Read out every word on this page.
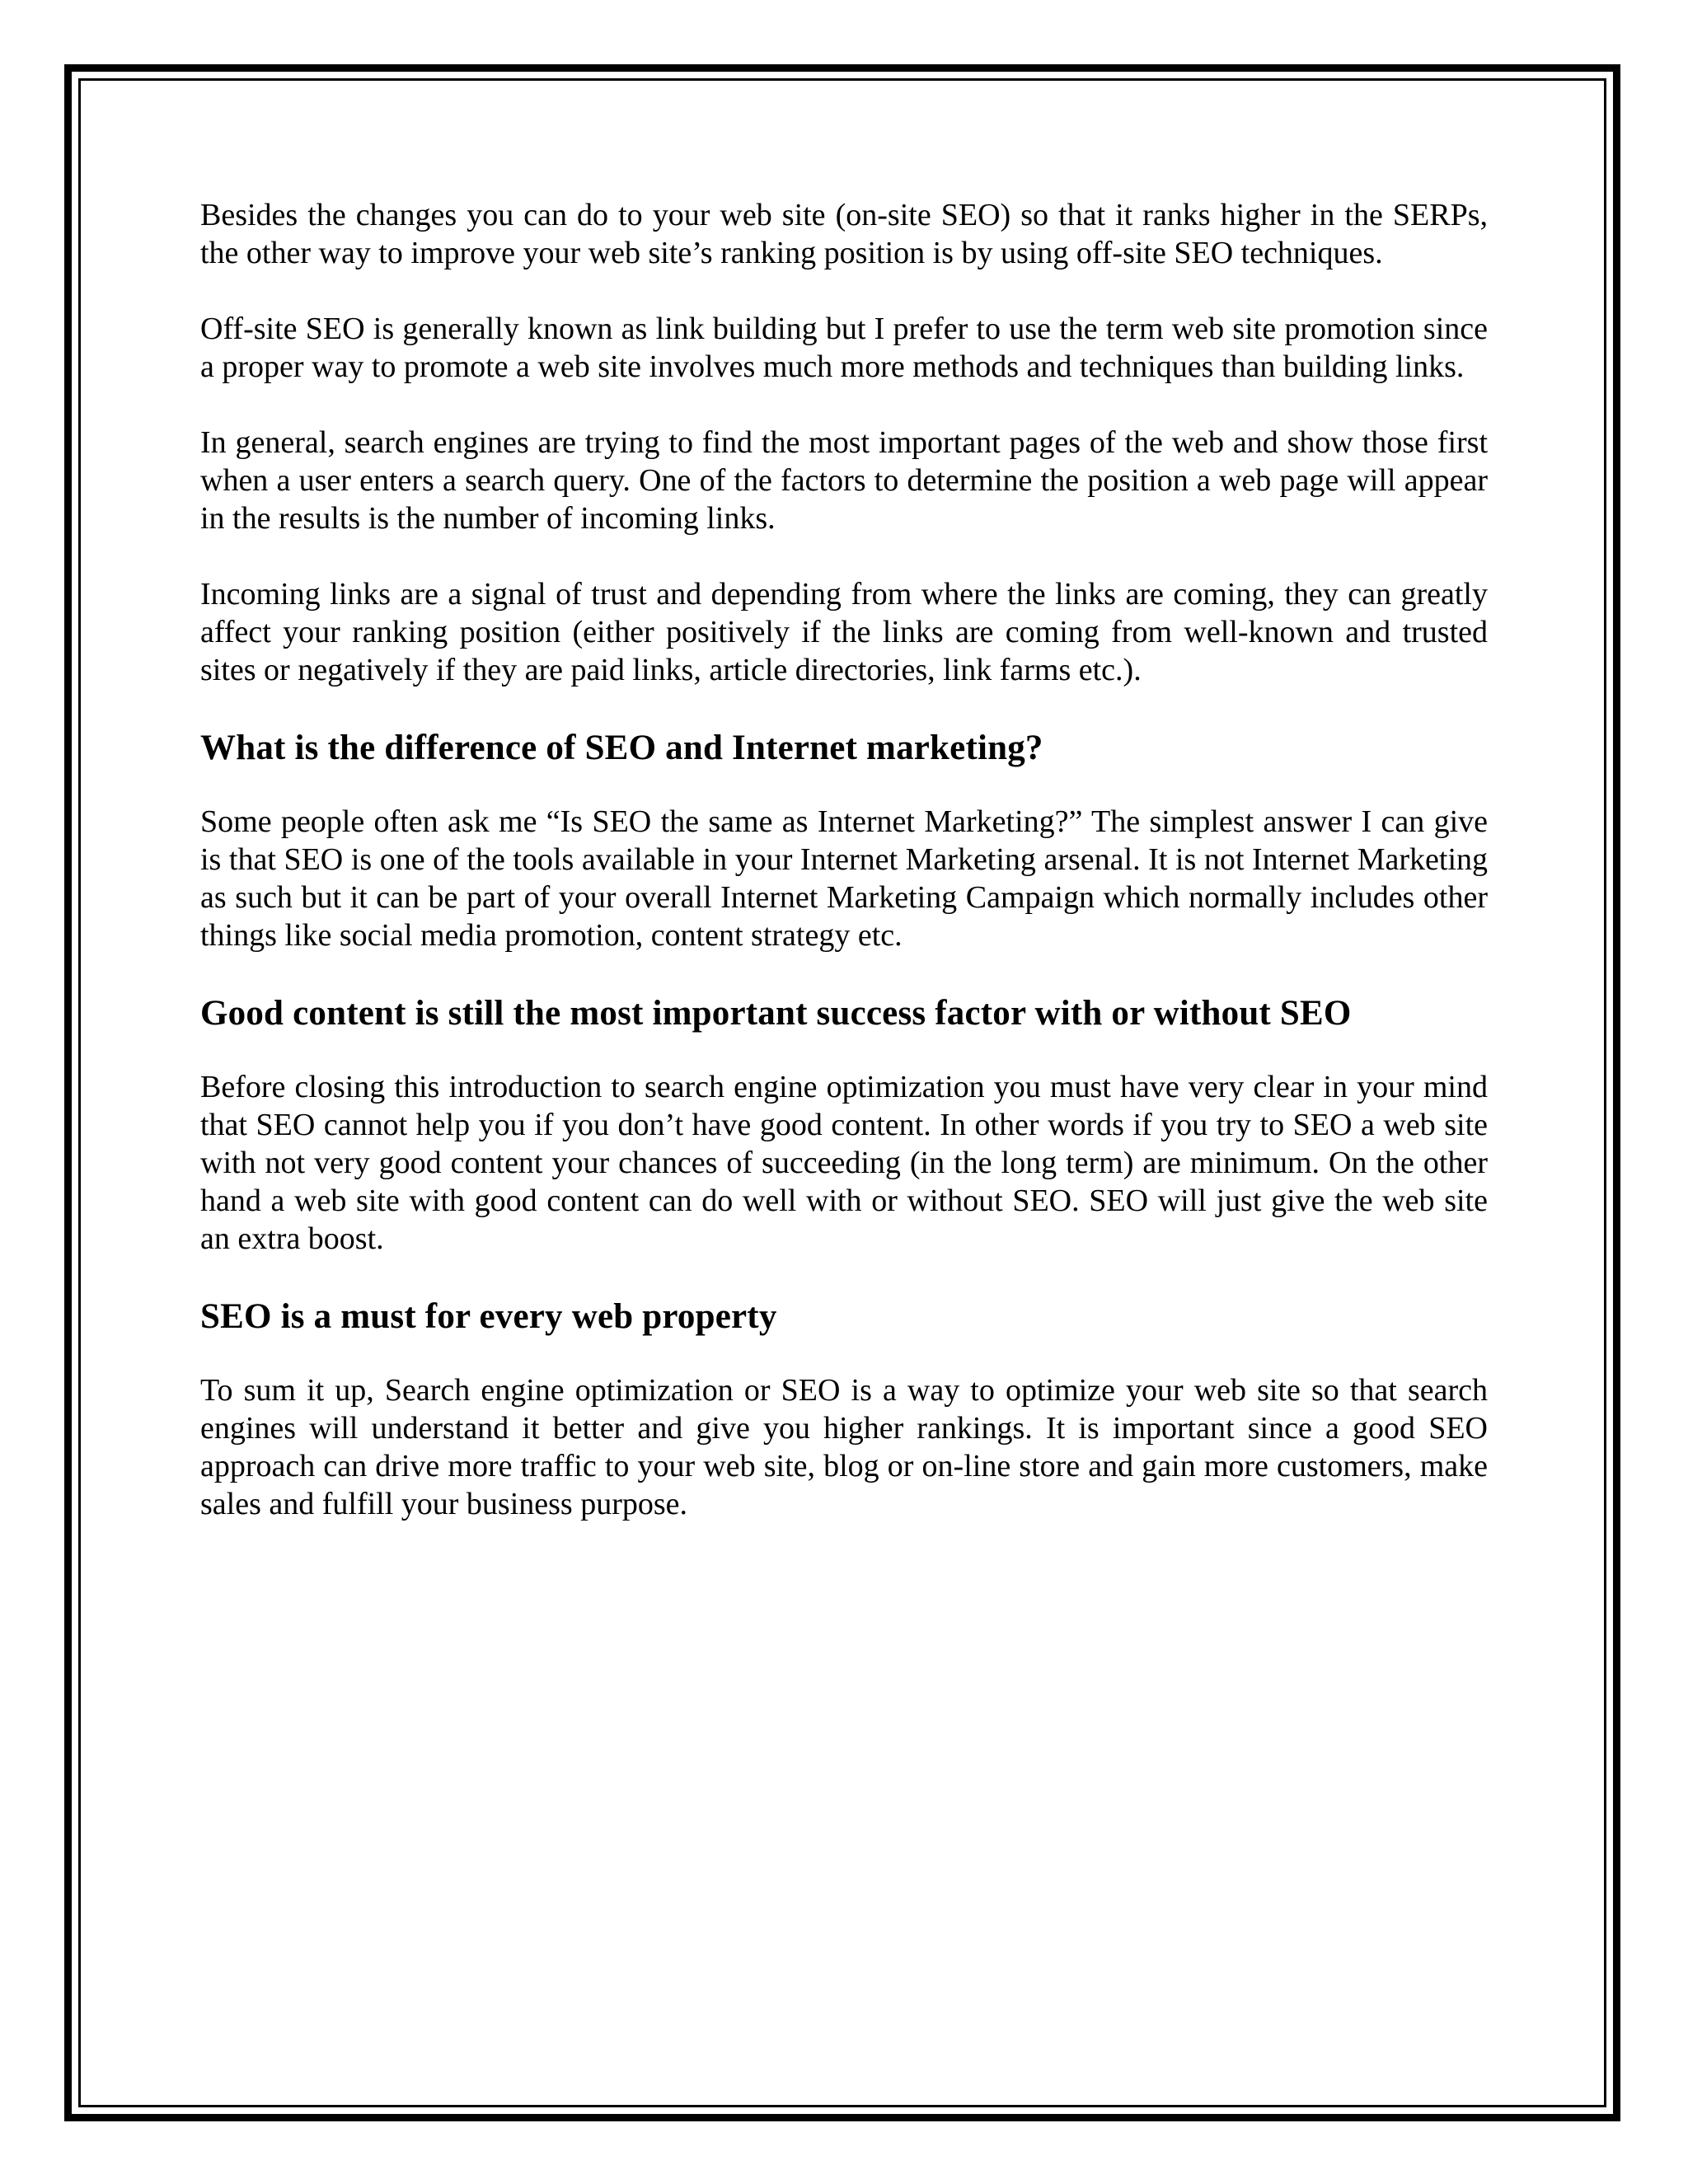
Besides the changes you can do to your web site (on-site SEO) so that it ranks higher in the SERPs, the other way to improve your web site’s ranking position is by using off-site SEO techniques.

Off-site SEO is generally known as link building but I prefer to use the term web site promotion since a proper way to promote a web site involves much more methods and techniques than building links.

In general, search engines are trying to find the most important pages of the web and show those first when a user enters a search query. One of the factors to determine the position a web page will appear in the results is the number of incoming links.

Incoming links are a signal of trust and depending from where the links are coming, they can greatly affect your ranking position (either positively if the links are coming from well-known and trusted sites or negatively if they are paid links, article directories, link farms etc.).

What is the difference of SEO and Internet marketing?

Some people often ask me “Is SEO the same as Internet Marketing?” The simplest answer I can give is that SEO is one of the tools available in your Internet Marketing arsenal. It is not Internet Marketing as such but it can be part of your overall Internet Marketing Campaign which normally includes other things like social media promotion, content strategy etc.

Good content is still the most important success factor with or without SEO

Before closing this introduction to search engine optimization you must have very clear in your mind that SEO cannot help you if you don’t have good content. In other words if you try to SEO a web site with not very good content your chances of succeeding (in the long term) are minimum. On the other hand a web site with good content can do well with or without SEO. SEO will just give the web site an extra boost.

SEO is a must for every web property

To sum it up, Search engine optimization or SEO is a way to optimize your web site so that search engines will understand it better and give you higher rankings. It is important since a good SEO approach can drive more traffic to your web site, blog or on-line store and gain more customers, make sales and fulfill your business purpose.
